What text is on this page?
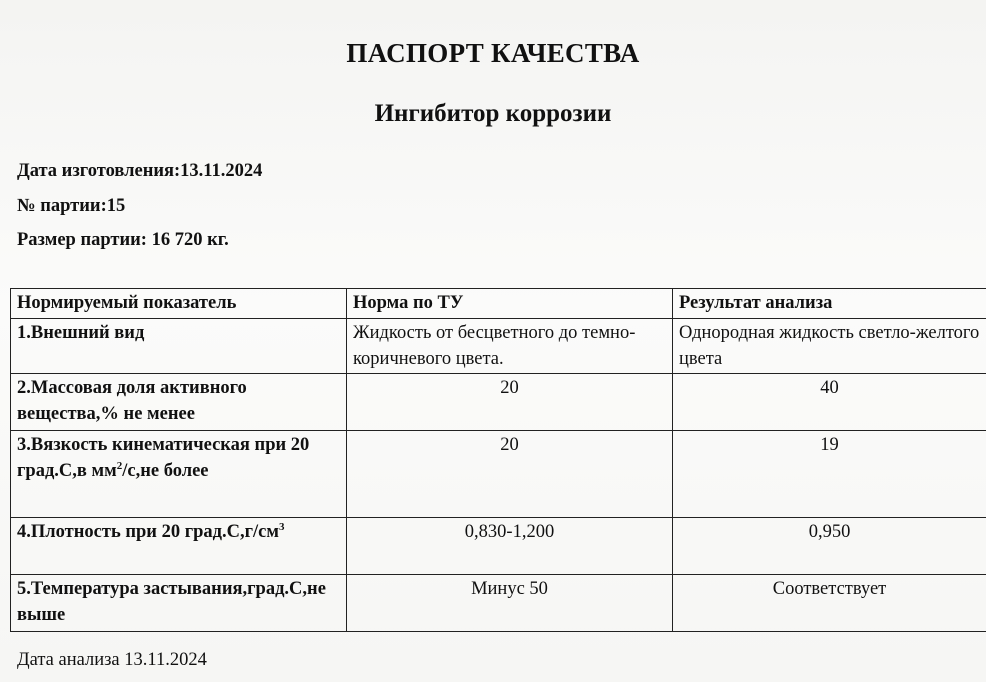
ПАСПОРТ КАЧЕСТВА
Ингибитор коррозии
Дата изготовления:13.11.2024
№ партии:15
Размер партии: 16 720 кг.
Нормируемый показатель	Норма по ТУ	Результат анализа
1.Внешний вид	Жидкость от бесцветного до темно-коричневого цвета.	Однородная жидкость светло-желтого цвета
2.Массовая доля активного вещества,% не менее	20	40
3.Вязкость кинематическая при 20 град.С,в $мм^2/с,не$ более	20	19
4.Плотность при 20 $град.С,г/см^3$	0,830-1,200	0,950
5.Температура застывания,град.С,не выше	Минус 50	Соответствует
Дата анализа 13.11.2024
